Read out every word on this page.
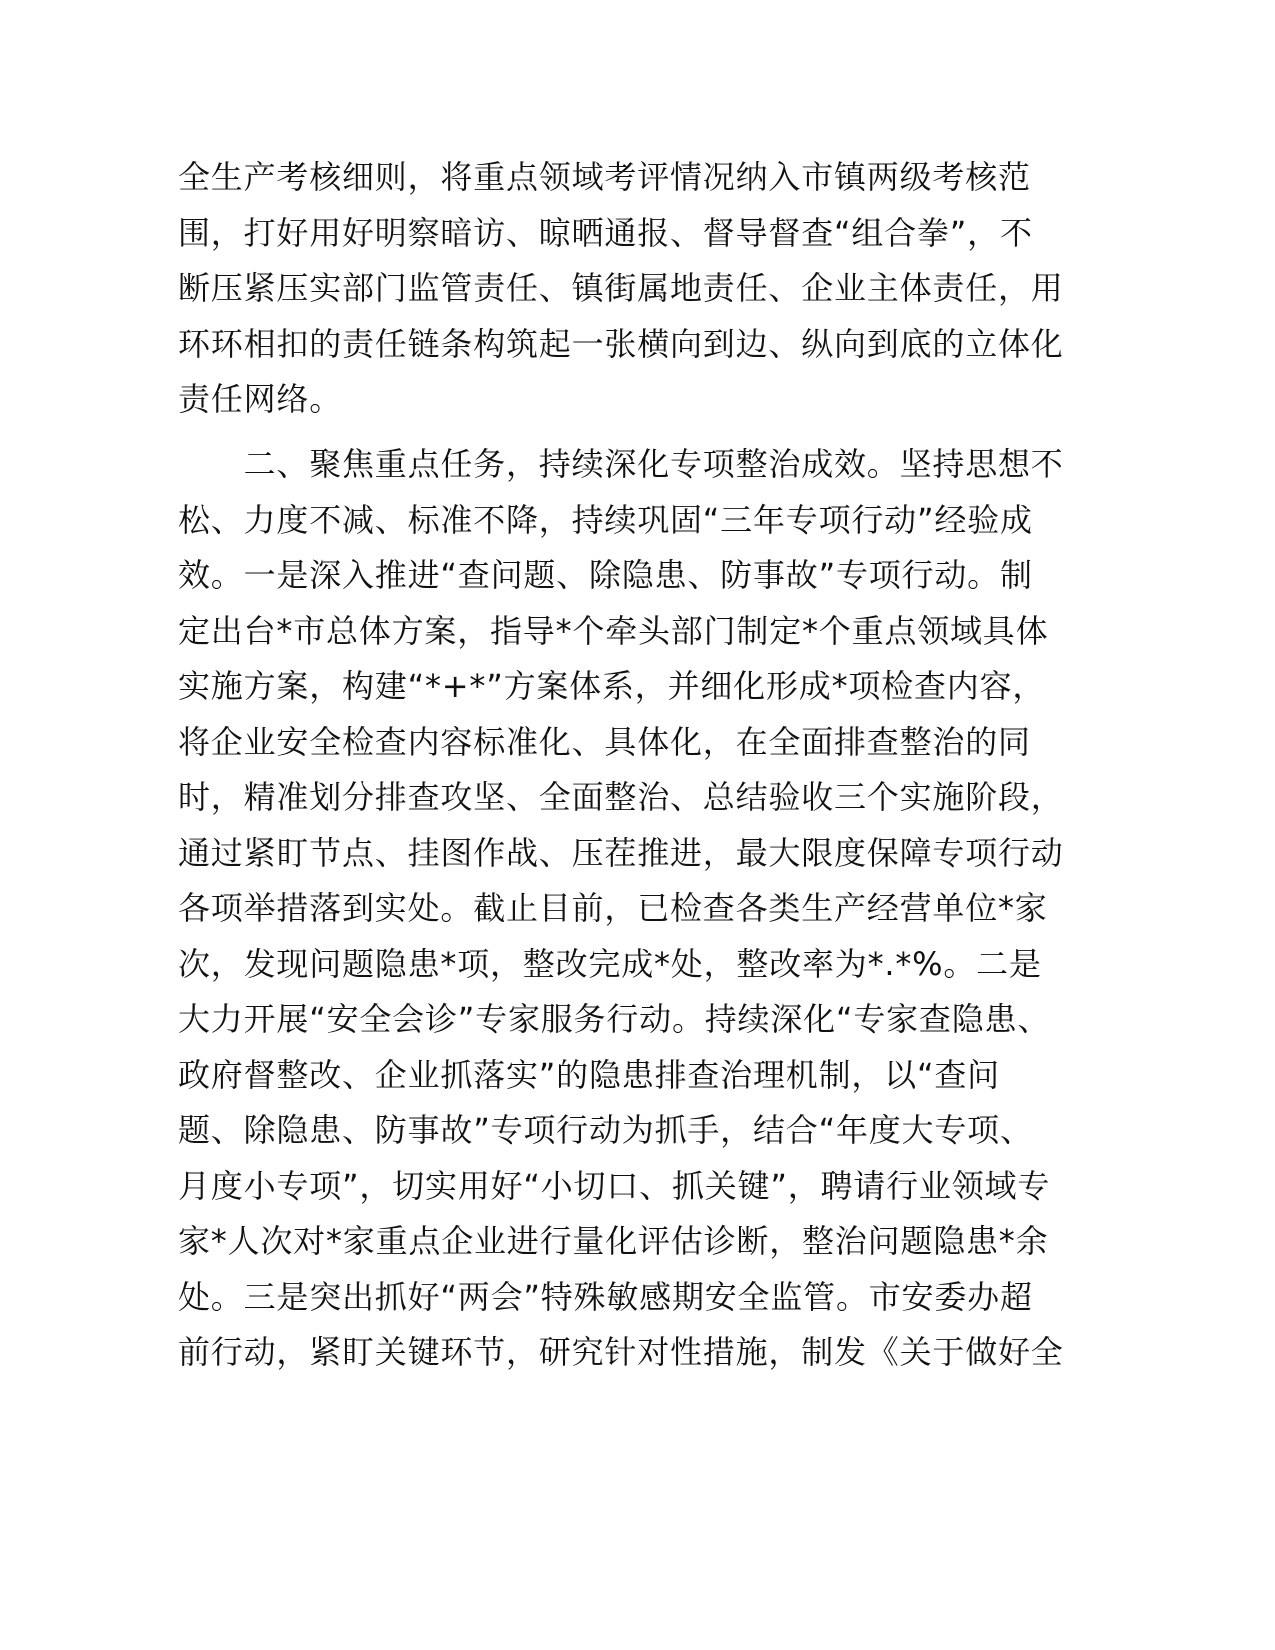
全生产考核细则，将重点领域考评情况纳入市镇两级考核范
围，打好用好明察暗访、晾晒通报、督导督查“组合拳”，不
断压紧压实部门监管责任、镇街属地责任、企业主体责任，用
环环相扣的责任链条构筑起一张横向到边、纵向到底的立体化
责任网络。

　　二、聚焦重点任务，持续深化专项整治成效。坚持思想不
松、力度不减、标准不降，持续巩固“三年专项行动”经验成
效。一是深入推进“查问题、除隐患、防事故”专项行动。制
定出台*市总体方案，指导*个牵头部门制定*个重点领域具体
实施方案，构建“*+*”方案体系，并细化形成*项检查内容，
将企业安全检查内容标准化、具体化，在全面排查整治的同
时，精准划分排查攻坚、全面整治、总结验收三个实施阶段，
通过紧盯节点、挂图作战、压茬推进，最大限度保障专项行动
各项举措落到实处。截止目前，已检查各类生产经营单位*家
次，发现问题隐患*项，整改完成*处，整改率为*.*%。二是
大力开展“安全会诊”专家服务行动。持续深化“专家查隐患、
政府督整改、企业抓落实”的隐患排查治理机制，以“查问
题、除隐患、防事故”专项行动为抓手，结合“年度大专项、
月度小专项”，切实用好“小切口、抓关键”，聘请行业领域专
家*人次对*家重点企业进行量化评估诊断，整治问题隐患*余
处。三是突出抓好“两会”特殊敏感期安全监管。市安委办超
前行动，紧盯关键环节，研究针对性措施，制发《关于做好全
